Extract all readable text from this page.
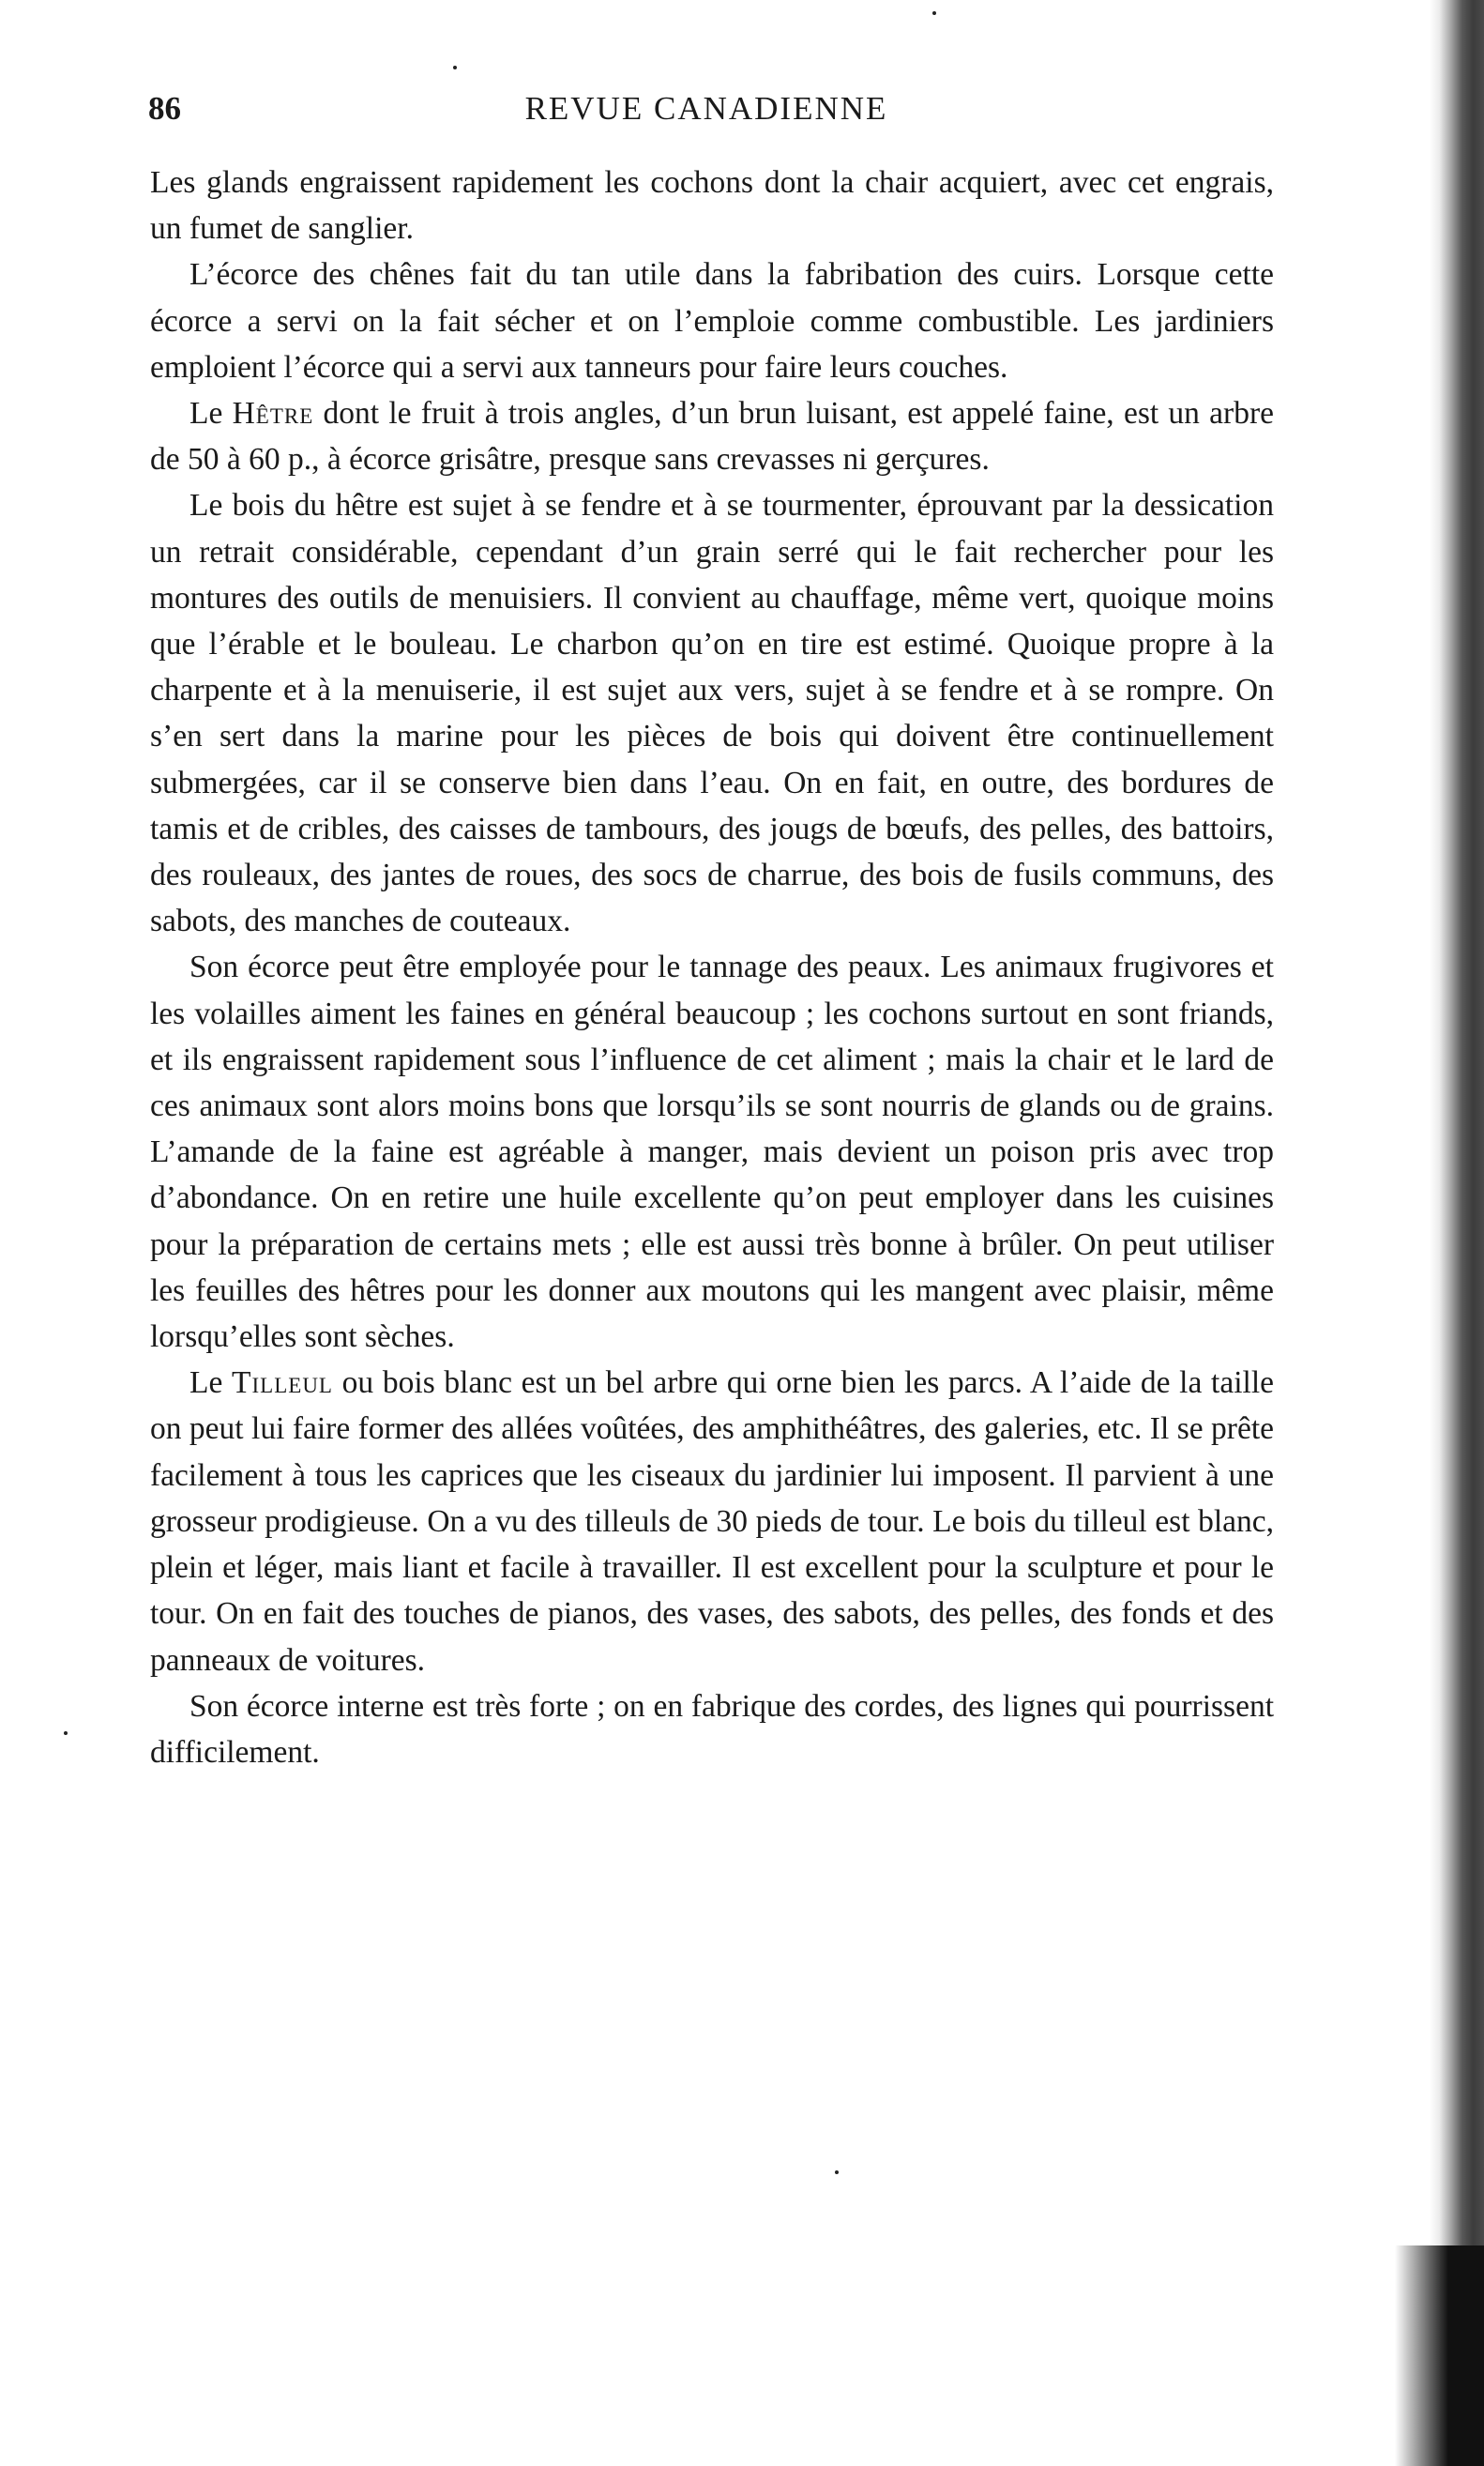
86	REVUE CANADIENNE

Les glands engraissent rapidement les cochons dont la chair acquiert, avec cet engrais, un fumet de sanglier.

L’écorce des chênes fait du tan utile dans la fabribation des cuirs. Lorsque cette écorce a servi on la fait sécher et on l’emploie comme combustible. Les jardiniers emploient l’écorce qui a servi aux tanneurs pour faire leurs couches.

Le Hêtre dont le fruit à trois angles, d’un brun luisant, est appelé faine, est un arbre de 50 à 60 p., à écorce grisâtre, presque sans crevasses ni gerçures.

Le bois du hêtre est sujet à se fendre et à se tourmenter, éprouvant par la dessication un retrait considérable, cependant d’un grain serré qui le fait rechercher pour les montures des outils de menuisiers. Il convient au chauffage, même vert, quoique moins que l’érable et le bouleau. Le charbon qu’on en tire est estimé. Quoique propre à la charpente et à la menuiserie, il est sujet aux vers, sujet à se fendre et à se rompre. On s’en sert dans la marine pour les pièces de bois qui doivent être continuellement submergées, car il se conserve bien dans l’eau. On en fait, en outre, des bordures de tamis et de cribles, des caisses de tambours, des jougs de bœufs, des pelles, des battoirs, des rouleaux, des jantes de roues, des socs de charrue, des bois de fusils communs, des sabots, des manches de couteaux.

Son écorce peut être employée pour le tannage des peaux. Les animaux frugivores et les volailles aiment les faines en général beaucoup ; les cochons surtout en sont friands, et ils engraissent rapidement sous l’influence de cet aliment ; mais la chair et le lard de ces animaux sont alors moins bons que lorsqu’ils se sont nourris de glands ou de grains. L’amande de la faine est agréable à manger, mais devient un poison pris avec trop d’abondance. On en retire une huile excellente qu’on peut employer dans les cuisines pour la préparation de certains mets ; elle est aussi très bonne à brûler. On peut utiliser les feuilles des hêtres pour les donner aux moutons qui les mangent avec plaisir, même lorsqu’elles sont sèches.

Le Tilleul ou bois blanc est un bel arbre qui orne bien les parcs. A l’aide de la taille on peut lui faire former des allées voûtées, des amphithéâtres, des galeries, etc. Il se prête facilement à tous les caprices que les ciseaux du jardinier lui imposent. Il parvient à une grosseur prodigieuse. On a vu des tilleuls de 30 pieds de tour. Le bois du tilleul est blanc, plein et léger, mais liant et facile à travailler. Il est excellent pour la sculpture et pour le tour. On en fait des touches de pianos, des vases, des sabots, des pelles, des fonds et des panneaux de voitures.

Son écorce interne est très forte ; on en fabrique des cordes, des lignes qui pourrissent difficilement.
